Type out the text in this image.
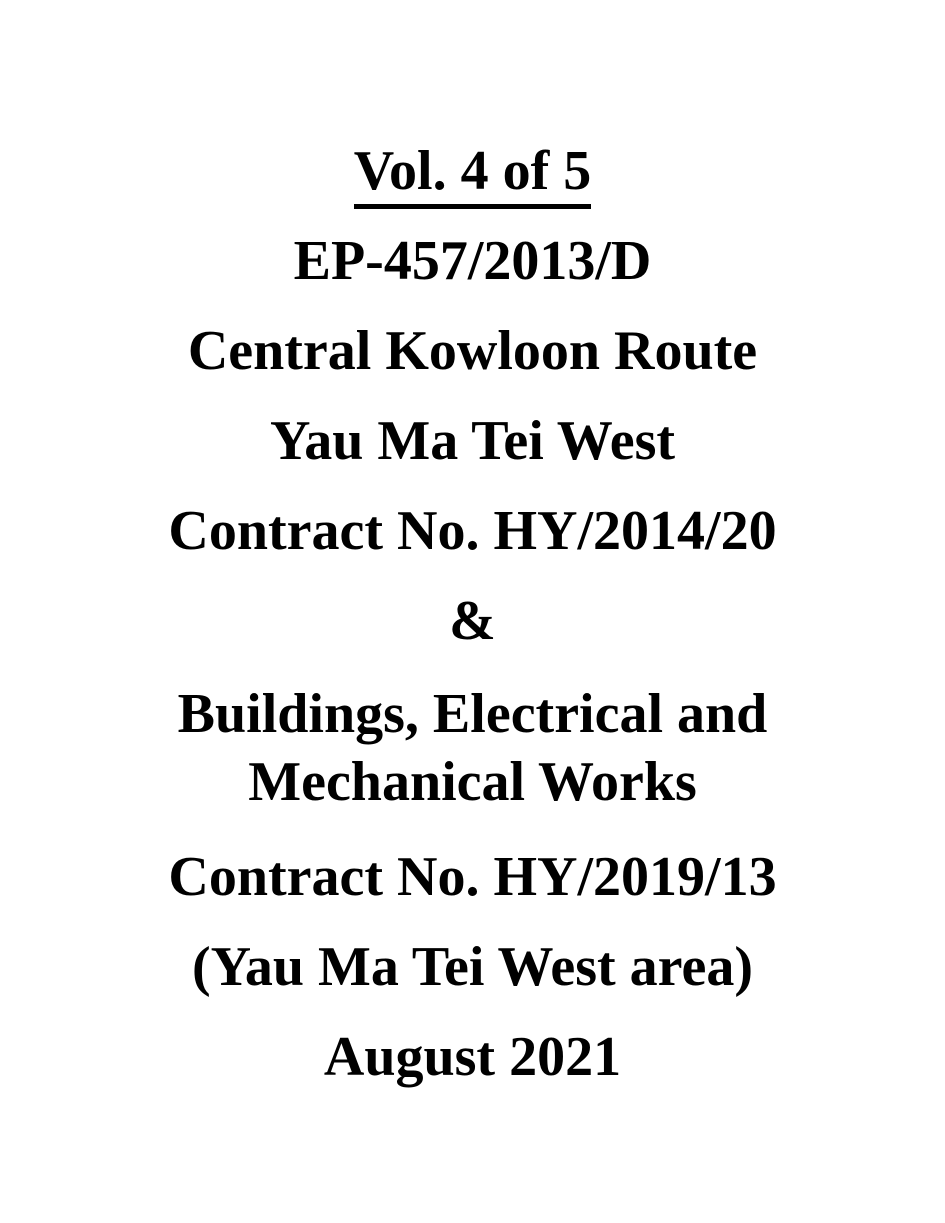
Vol. 4 of 5
EP-457/2013/D
Central Kowloon Route
Yau Ma Tei West
Contract No. HY/2014/20
&
Buildings, Electrical and Mechanical Works
Contract No. HY/2019/13
(Yau Ma Tei West area)
August 2021
